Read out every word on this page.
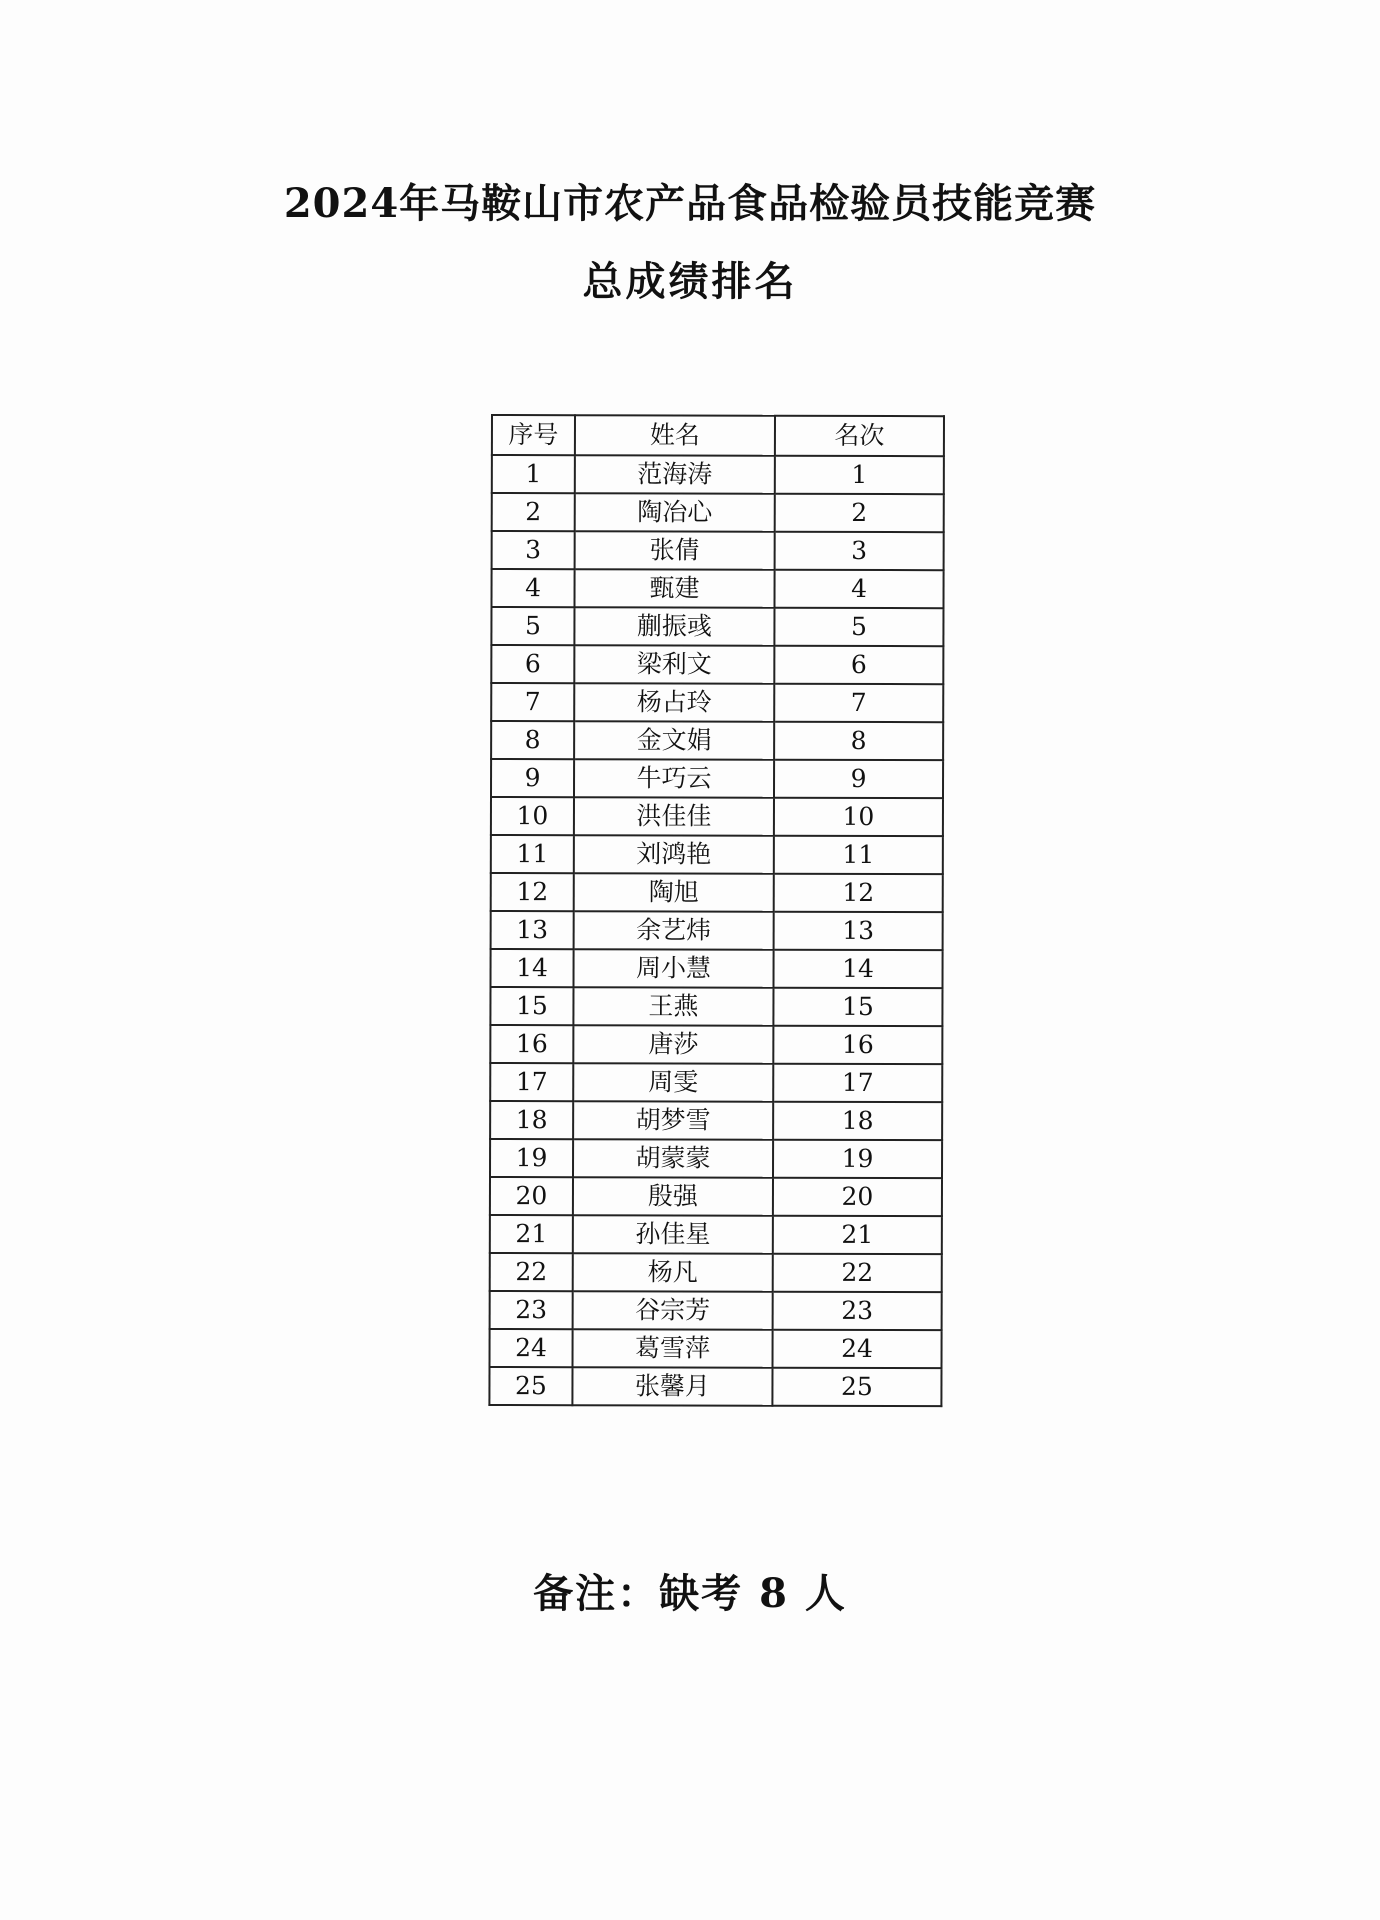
2024年马鞍山市农产品食品检验员技能竞赛
总成绩排名
序号	姓名	名次
1	范海涛	1
2	陶冶心	2
3	张倩	3
4	甄建	4
5	蒯振彧	5
6	梁利文	6
7	杨占玲	7
8	金文娟	8
9	牛巧云	9
10	洪佳佳	10
11	刘鸿艳	11
12	陶旭	12
13	余艺炜	13
14	周小慧	14
15	王燕	15
16	唐莎	16
17	周雯	17
18	胡梦雪	18
19	胡蒙蒙	19
20	殷强	20
21	孙佳星	21
22	杨凡	22
23	谷宗芳	23
24	葛雪萍	24
25	张馨月	25
备注：缺考 8 人
